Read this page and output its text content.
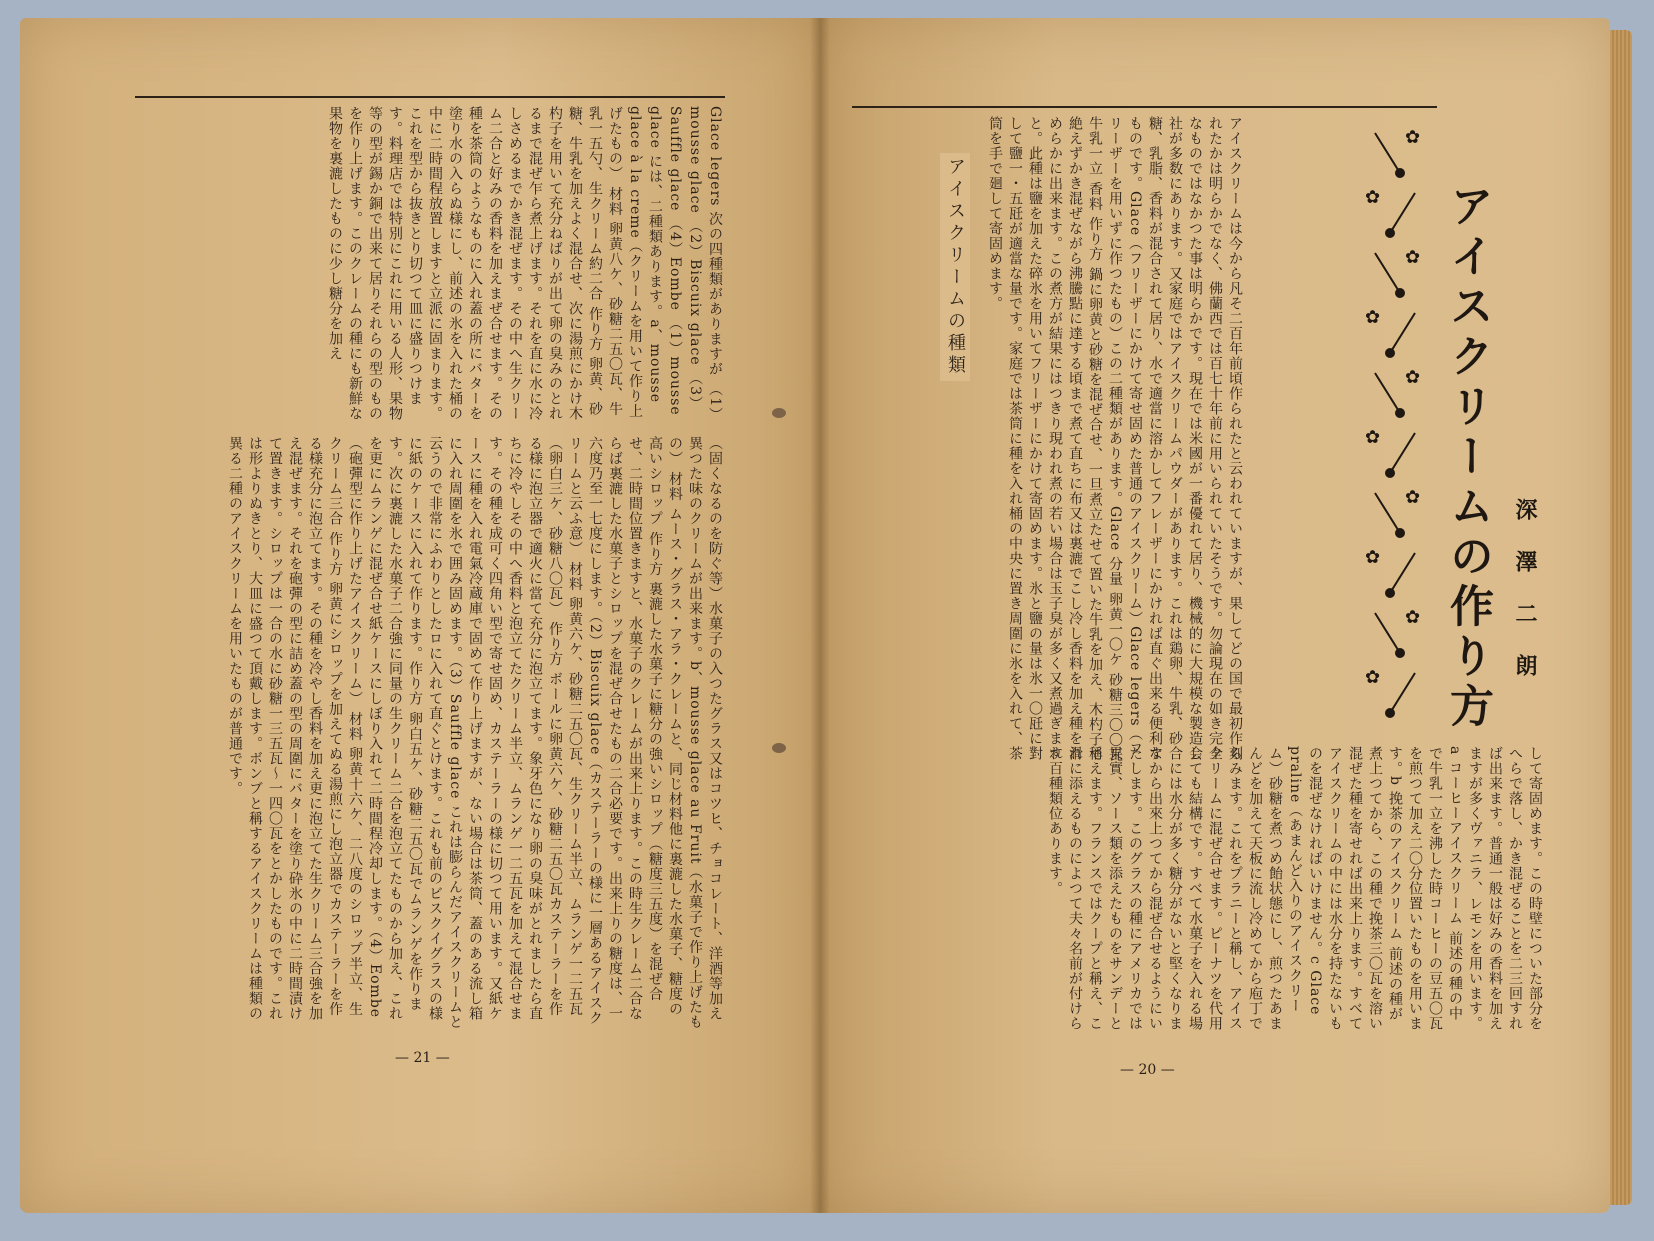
Glace legers 次の四種類がありますが （1）mousse glace （2）Biscuix glace （3）Sauffle glace （4）Eombe （1）mousse glace には、二種類あります。a、mousse glace à la creme（クリームを用いて作り上げたもの） 材料 卵黄八ケ、砂糖二五〇瓦、牛乳一五勺、生クリーム約二合 作り方 卵黄、砂糖、牛乳を加えよく混合せ、次に湯煎にかけ木杓子を用いて充分ねばりが出て卵の臭みのとれるまで混ぜ乍ら煮上げます。それを直に水に冷しさめるまでかき混ぜます。その中へ生クリーム二合と好みの香料を加えまぜ合せます。その種を茶筒のようなものに入れ蓋の所にバターを塗り水の入らぬ様にし、前述の氷を入れた桶の中に二時間程放置しますと立派に固まります。これを型から抜きとり切つて皿に盛りつけます。料理店では特別にこれに用いる人形、果物等の型が錫か銅で出来て居りそれらの型のものを作り上げます。このクレームの種にも新鮮な果物を裏漉したものに少し糖分を加え
（固くなるのを防ぐ等）水菓子の入つたグラス又はコツヒ、チョコレート、洋酒等加え異つた味のクリームが出来ます。b、mousse glace au Fruit（水菓子で作り上げたもの） 材料 ムース・グラス・アラ・クレームと、同じ材料他に裏漉した水菓子、糖度の高いシロップ 作り方 裏漉した水菓子に糖分の強いシロップ（糖度三五度）を混ぜ合せ、二時間位置きますと、水菓子のクレームが出来上ります。この時生クレーム二合ならば裏漉した水菓子とシロップを混ぜ合せたもの二合必要です。出来上りの糖度は、一六度乃至一七度にします。（2）Biscuix glace（カステーラーの様に一層あるアイスクリームと云ふ意） 材料 卵黄六ケ、砂糖二五〇瓦、生クリーム半立、ムランゲ一二五瓦（卵白三ケ、砂糖八〇瓦） 作り方 ボールに卵黄六ケ、砂糖二五〇瓦カステーラーを作る様に泡立器で適火に當て充分に泡立てます。象牙色になり卵の臭味がとれましたら直ちに冷やしその中へ香料と泡立てたクリーム半立、ムランゲ一二五瓦を加えて混合せます。その種を成可く四角い型で寄せ固め、カステーラーの様に切つて用います。又紙ケースに種を入れ電氣冷蔵庫で固めて作り上げますが、ない場合は茶筒、蓋のある流し箱に入れ周圍を氷で囲み固めます。（3）Sauffle glace これは膨らんだアイスクリームと云うので非常にふわりとしたロに入れて直ぐとけます。これも前のビスクイグラスの様に紙のケースに入れて作ります。作り方 卵白五ケ、砂糖二五〇瓦でムランゲを作ります。次に裏漉した水菓子二合強に同量の生クリーム二合を泡立てたものから加え、これを更にムランゲに混ぜ合せ紙ケースにしぼり入れて二時間程冷却します。（4）Eombe（砲彈型に作り上げたアイスクリーム） 材料 卵黄十六ケ、二八度のシロップ半立、生クリーム三合 作り方 卵黄にシロップを加えてぬる湯煎にし泡立器でカステーラーを作る様充分に泡立てます。その種を冷やし香料を加え更に泡立てた生クリーム三合強を加え混ぜます。それを砲彈の型に詰め蓋の型の周圍にバターを塗り砕氷の中に二時間漬けて置きます。シロップは一合の水に砂糖一三五瓦～一四〇瓦をとかしたものです。これは形よりぬきとり、大皿に盛つて頂戴します。ボンブと稱するアイスクリームは種類の異る二種のアイスクリームを用いたものが普通です。
— 21 —
アイスクリームは今から凡そ二百年前頃作られたと云われていますが、果してどの国で最初作られたかは明らかでなく、佛蘭西では百七十年前に用いられていたそうです。勿論現在の如き完全なものではなかつた事は明らかです。現在では米國が一番優れて居り、機械的に大規模な製造会社が多数にあります。又家庭ではアイスクリームパウダーがあります。これは鶏卵、牛乳、砂糖、乳脂、香料が混合されて居り、水で適當に溶かしてフレーザーにかければ直ぐ出来る便利なものです。Glace（フリーザーにかけて寄せ固めた普通のアイスクリーム）Glace legers（フリーザーを用いずに作つたもの）この二種類があります。Glace 分量 卵黄一〇ケ 砂糖三〇〇瓦 牛乳一立 香料 作り方 鍋に卵黄と砂糖を混ぜ合せ、一旦煮立たせて置いた牛乳を加え、木杓子で絶えずかき混ぜながら沸騰點に達する頃まで煮て直ちに布又は裏漉でこし冷し香料を加え種を滑めらかに出来ます。この煮方が結果にはつきり現われ煮の若い場合は玉子臭が多く又煮過ぎますと。此種は鹽を加えた碎氷を用いてフリーザーにかけて寄固めます。氷と鹽の量は氷一〇瓩に對して鹽一・五瓩が適當な量です。家庭では茶筒に種を入れ桶の中央に置き周圍に氷を入れて、茶筒を手で廻して寄固めます。
アイスクリームの種類
✿
✿
✿
✿
✿
✿
✿
✿
✿
✿ アイスクリームの作り方 深澤二朗
して寄固めます。この時壁についた部分をへらで落し、かき混ぜることを二三回すれば出来ます。普通一般は好みの香料を加えますが多くヴァニラ、レモンを用います。a コーヒーアイスクリーム 前述の種の中で牛乳一立を沸した時コーヒーの豆五〇瓦を煎つて加え二〇分位置いたものを用います。b 挽茶のアイスクリーム 前述の種が煮上つてから、この種で挽茶三〇瓦を溶い混ぜた種を寄せれば出来上ります。すべてアイスクリームの中には水分を持たないものを混ぜなければいけません。c Glace praline（あまんど入りのアイスクリーム）砂糖を煮つめ飴状態にし、煎つたあまんどを加えて天板に流し冷めてから庖丁で刻みます。これをプラニーと稱し、アイスクリームに混ぜ合せます。ピーナツを代用しても結構です。すべて水菓子を入れる場合には水分が多く糖分がないと堅くなりますから出來上つてから混ぜ合せるようにいたします。このグラスの種にアメリカでは果實、ソース類を添えたものをサンデーと稱えます。フランスではクープと稱え、これに添えるものによつて夫々名前が付けられ百種類位あります。
— 20 —
